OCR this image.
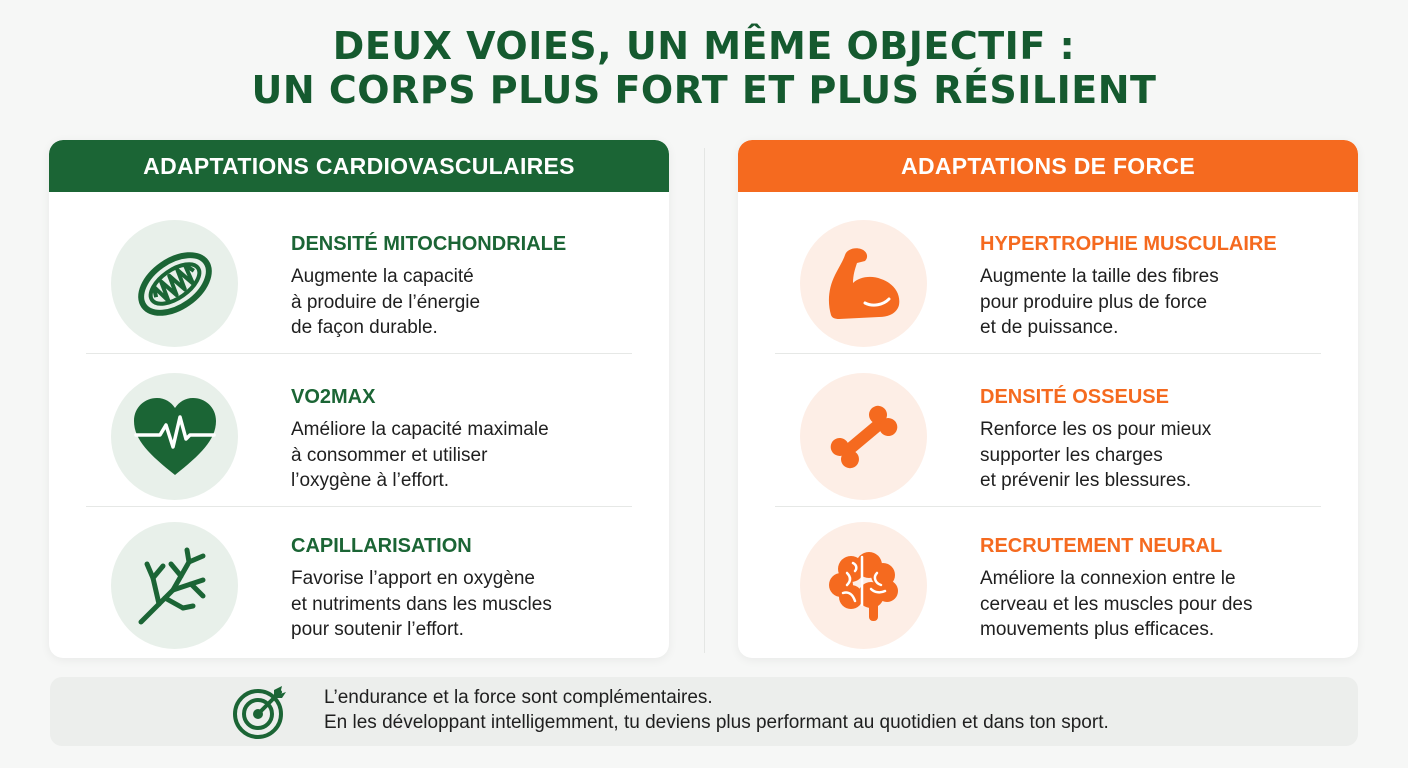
DEUX VOIES, UN MÊME OBJECTIF :
UN CORPS PLUS FORT ET PLUS RÉSILIENT
ADAPTATIONS CARDIOVASCULAIRES
DENSITÉ MITOCHONDRIALE
Augmente la capacité
à produire de l’énergie
de façon durable.
VO2MAX
Améliore la capacité maximale
à consommer et utiliser
l’oxygène à l’effort.
CAPILLARISATION
Favorise l’apport en oxygène
et nutriments dans les muscles
pour soutenir l’effort.
ADAPTATIONS DE FORCE
HYPERTROPHIE MUSCULAIRE
Augmente la taille des fibres
pour produire plus de force
et de puissance.
DENSITÉ OSSEUSE
Renforce les os pour mieux
supporter les charges
et prévenir les blessures.
RECRUTEMENT NEURAL
Améliore la connexion entre le
cerveau et les muscles pour des
mouvements plus efficaces.
L’endurance et la force sont complémentaires.
En les développant intelligemment, tu deviens plus performant au quotidien et dans ton sport.
